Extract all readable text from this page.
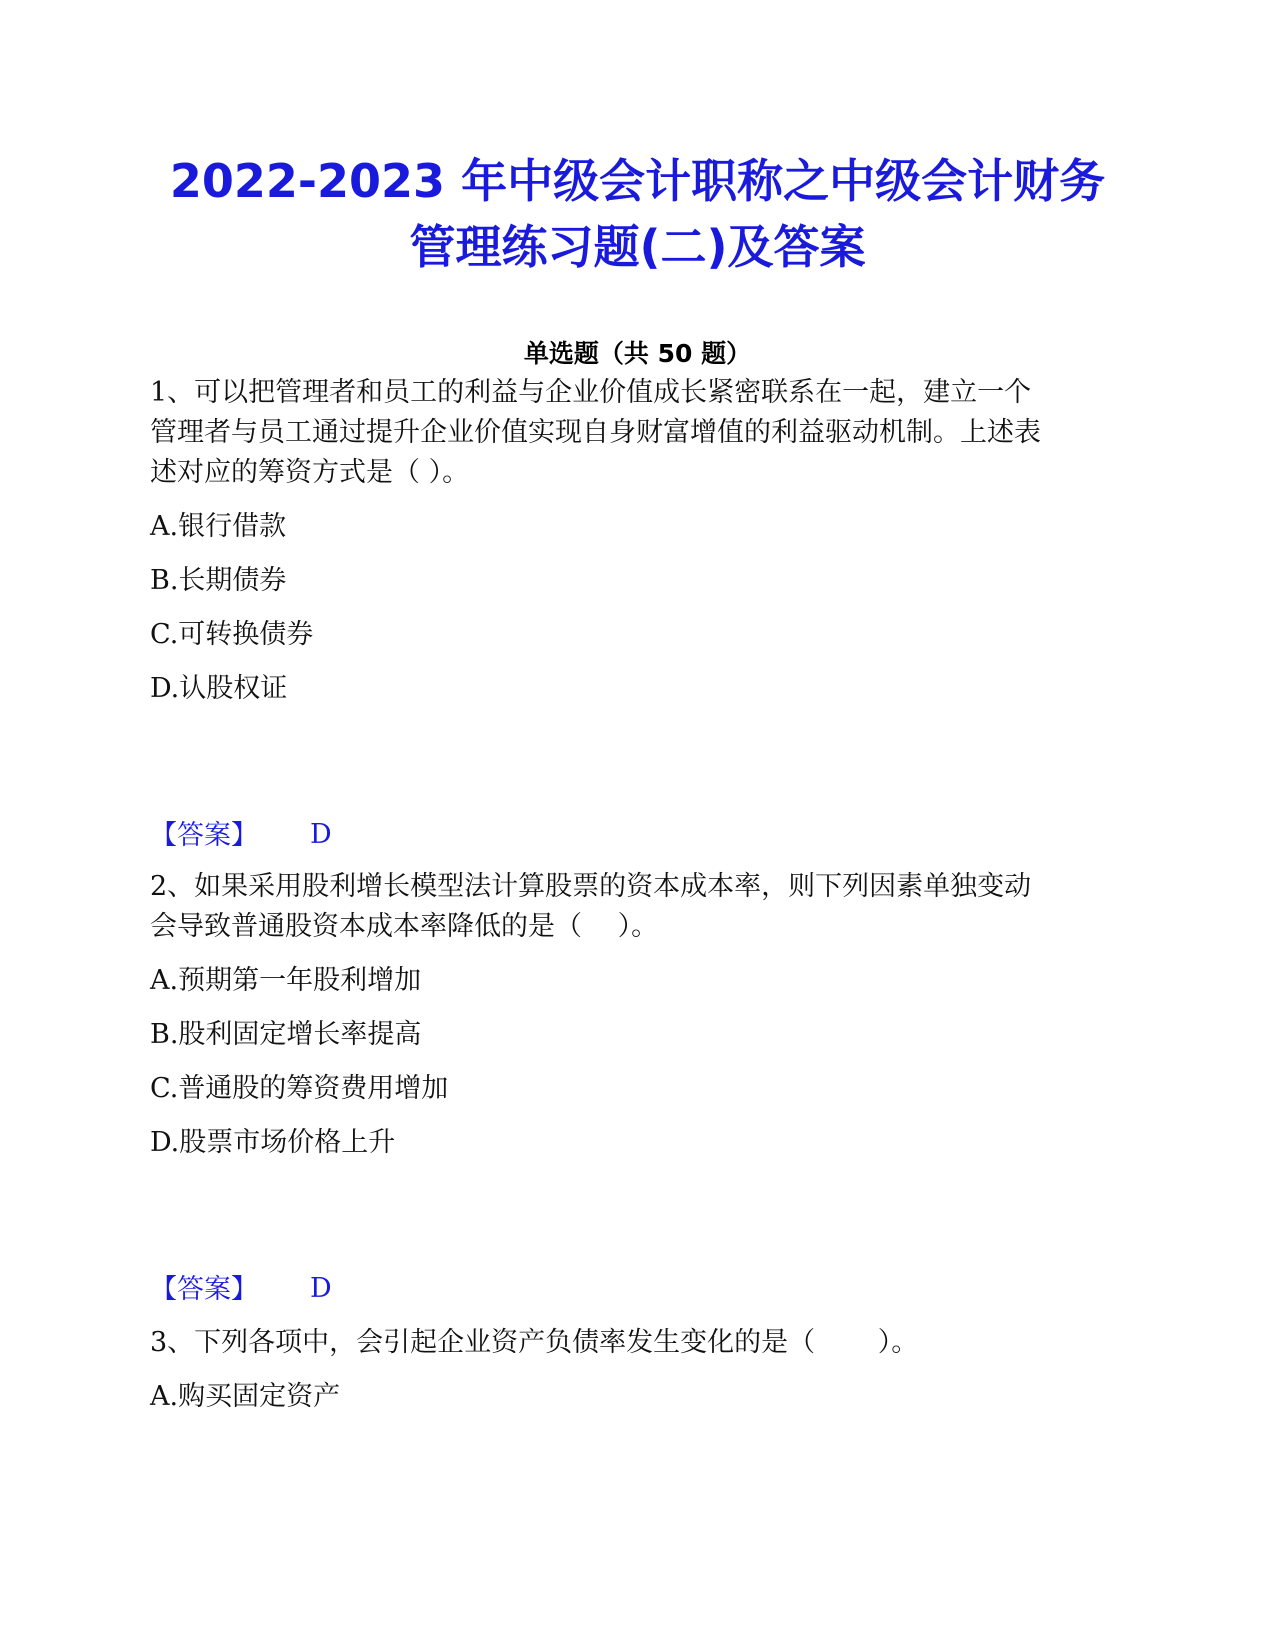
2022-2023 年中级会计职称之中级会计财务
管理练习题(二)及答案
单选题（共 50 题）
1、可以把管理者和员工的利益与企业价值成长紧密联系在一起，建立一个
管理者与员工通过提升企业价值实现自身财富增值的利益驱动机制。上述表
述对应的筹资方式是（ ）。
A.银行借款
B.长期债券
C.可转换债券
D.认股权证
【答案】 D
2、如果采用股利增长模型法计算股票的资本成本率，则下列因素单独变动
会导致普通股资本成本率降低的是（　 ）。
A.预期第一年股利增加
B.股利固定增长率提高
C.普通股的筹资费用增加
D.股票市场价格上升
【答案】 D
3、下列各项中，会引起企业资产负债率发生变化的是（　　 ）。
A.购买固定资产
